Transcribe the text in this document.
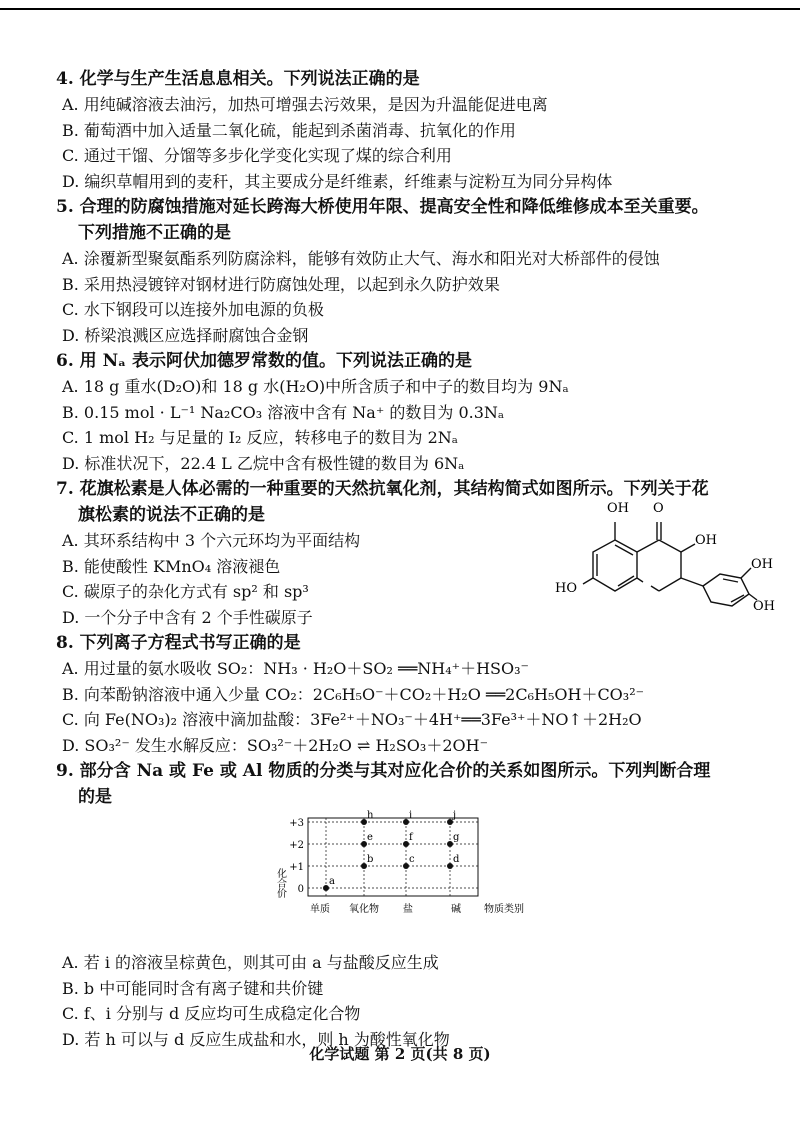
4. 化学与生产生活息息相关。下列说法正确的是
A. 用纯碱溶液去油污，加热可增强去污效果，是因为升温能促进电离
B. 葡萄酒中加入适量二氧化硫，能起到杀菌消毒、抗氧化的作用
C. 通过干馏、分馏等多步化学变化实现了煤的综合利用
D. 编织草帽用到的麦秆，其主要成分是纤维素，纤维素与淀粉互为同分异构体
5. 合理的防腐蚀措施对延长跨海大桥使用年限、提高安全性和降低维修成本至关重要。
下列措施不正确的是
A. 涂覆新型聚氨酯系列防腐涂料，能够有效防止大气、海水和阳光对大桥部件的侵蚀
B. 采用热浸镀锌对钢材进行防腐蚀处理，以起到永久防护效果
C. 水下钢段可以连接外加电源的负极
D. 桥梁浪溅区应选择耐腐蚀合金钢
6. 用 Nₐ 表示阿伏加德罗常数的值。下列说法正确的是
A. 18 g 重水(D₂O)和 18 g 水(H₂O)中所含质子和中子的数目均为 9Nₐ
B. 0.15 mol · L⁻¹ Na₂CO₃ 溶液中含有 Na⁺ 的数目为 0.3Nₐ
C. 1 mol H₂ 与足量的 I₂ 反应，转移电子的数目为 2Nₐ
D. 标准状况下，22.4 L 乙烷中含有极性键的数目为 6Nₐ
7. 花旗松素是人体必需的一种重要的天然抗氧化剂，其结构简式如图所示。下列关于花
旗松素的说法不正确的是
A. 其环系结构中 3 个六元环均为平面结构
B. 能使酸性 KMnO₄ 溶液褪色
C. 碳原子的杂化方式有 sp² 和 sp³
D. 一个分子中含有 2 个手性碳原子
8. 下列离子方程式书写正确的是
A. 用过量的氨水吸收 SO₂：NH₃ · H₂O＋SO₂ ══NH₄⁺＋HSO₃⁻
B. 向苯酚钠溶液中通入少量 CO₂：2C₆H₅O⁻＋CO₂＋H₂O ══2C₆H₅OH＋CO₃²⁻
C. 向 Fe(NO₃)₂ 溶液中滴加盐酸：3Fe²⁺＋NO₃⁻＋4H⁺══3Fe³⁺＋NO↑＋2H₂O
D. SO₃²⁻ 发生水解反应：SO₃²⁻＋2H₂O ⇌ H₂SO₃＋2OH⁻
9. 部分含 Na 或 Fe 或 Al 物质的分类与其对应化合价的关系如图所示。下列判断合理
的是
A. 若 i 的溶液呈棕黄色，则其可由 a 与盐酸反应生成
B. b 中可能同时含有离子键和共价键
C. f、i 分别与 d 反应均可生成稳定化合物
D. 若 h 可以与 d 反应生成盐和水，则 h 为酸性氧化物
OH O
OH
HO
OH
OH
化合价
+3
+2
+1
0
单质 氧化物 盐	碱 物质类别
a
b
e
h
c
f
i
d
g
j
化学试题 第 2 页(共 8 页)
